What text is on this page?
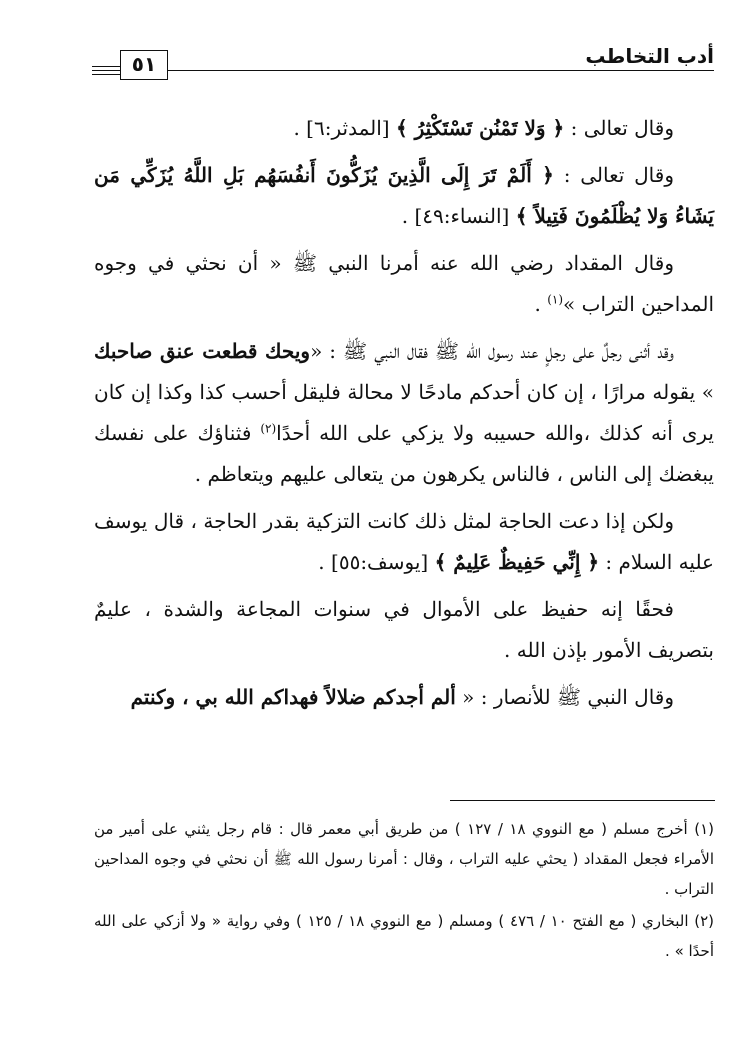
٥١	أدب التخاطب

وقال تعالى : ﴿ وَلا تَمْنُن تَسْتَكْثِرُ ﴾ [المدثر:٦] .

وقال تعالى : ﴿ أَلَمْ تَرَ إِلَى الَّذِينَ يُزَكُّونَ أَنفُسَهُم بَلِ اللَّهُ يُزَكِّي مَن يَشَاءُ وَلا يُظْلَمُونَ فَتِيلاً ﴾ [النساء:٤٩] .

وقال المقداد رضي الله عنه أمرنا النبي ﷺ « أن نحثي في وجوه المداحين التراب »$^{(١)}$ .

وقد أثنى رجلٌ على رجلٍ عند رسول الله ﷺ فقال النبي ﷺ : «ويحك قطعت عنق صاحبك » يقوله مرارًا ، إن كان أحدكم مادحًا لا محالة فليقل أحسب كذا وكذا إن كان يرى أنه كذلك ،والله حسيبه ولا يزكي على الله أحدًا$^{(٢)}$ فثناؤك على نفسك يبغضك إلى الناس ، فالناس يكرهون من يتعالى عليهم ويتعاظم .

ولكن إذا دعت الحاجة لمثل ذلك كانت التزكية بقدر الحاجة ، قال يوسف عليه السلام : ﴿ إِنِّي حَفِيظٌ عَلِيمٌ ﴾ [يوسف:٥٥] .

فحقًا إنه حفيظ على الأموال في سنوات المجاعة والشدة ، عليمٌ بتصريف الأمور بإذن الله .

وقال النبي ﷺ للأنصار : « ألم أجدكم ضلالاً فهداكم الله بي ، وكنتم

(١) أخرج مسلم ( مع النووي ١٨ / ١٢٧ ) من طريق أبي معمر قال : قام رجل يثني على أمير من الأمراء فجعل المقداد ( يحثي عليه التراب ، وقال : أمرنا رسول الله ﷺ أن نحثي في وجوه المداحين التراب .

(٢) البخاري ( مع الفتح ١٠ / ٤٧٦ ) ومسلم ( مع النووي ١٨ / ١٢٥ ) وفي رواية « ولا أزكي على الله أحدًا » .
